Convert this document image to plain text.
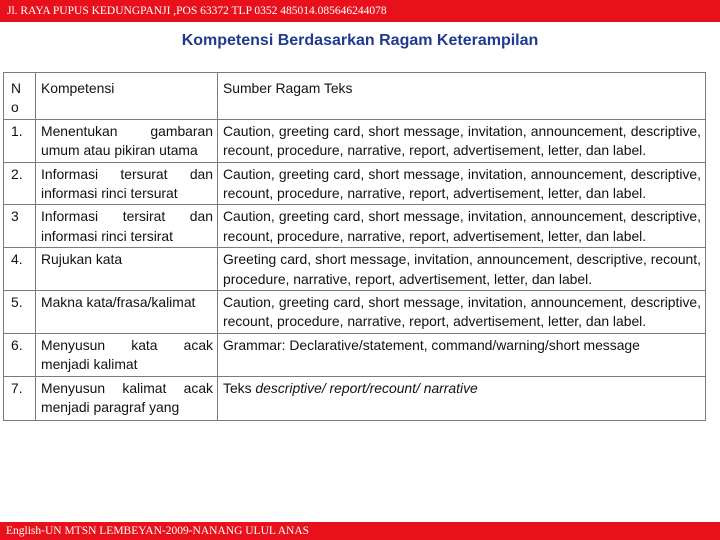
Jl. RAYA PUPUS KEDUNGPANJI ,POS 63372 TLP 0352 485014.085646244078
Kompetensi Berdasarkan Ragam Keterampilan
N o	Kompetensi	Sumber Ragam Teks
1.	Menentukan gambaran umum atau pikiran utama	Caution, greeting card, short message, invitation, announcement, descriptive, recount, procedure, narrative, report, advertisement, letter, dan label.
2.	Informasi tersurat dan informasi rinci tersurat	Caution, greeting card, short message, invitation, announcement, descriptive, recount, procedure, narrative, report, advertisement, letter, dan label.
3	Informasi tersirat dan informasi rinci tersirat	Caution, greeting card, short message, invitation, announcement, descriptive, recount, procedure, narrative, report, advertisement, letter, dan label.
4.	Rujukan kata	Greeting card, short message, invitation, announcement, descriptive, recount, procedure, narrative, report, advertisement, letter, dan label.
5.	Makna kata/frasa/kalimat	Caution, greeting card, short message, invitation, announcement, descriptive, recount, procedure, narrative, report, advertisement, letter, dan label.
6.	Menyusun kata acak menjadi kalimat	Grammar: Declarative/statement, command/warning/short message
7.	Menyusun kalimat acak menjadi paragraf yang	Teks descriptive/ report/recount/ narrative
English-UN MTSN LEMBEYAN-2009-NANANG ULUL ANAS
